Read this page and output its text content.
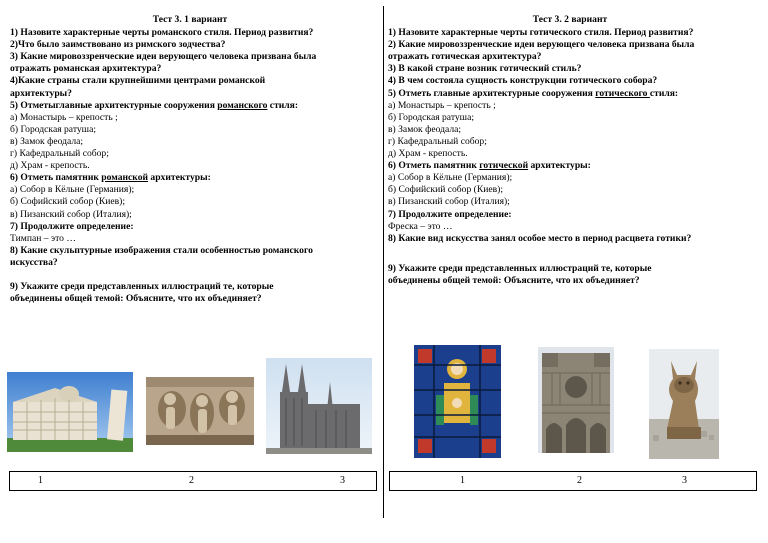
Тест 3. 1 вариант
1) Назовите характерные черты романского стиля. Период развития?
2)Что было заимствовано из римского зодчества?
3) Какие мировоззренческие идеи верующего человека призвана была
отражать романская архитектура?
4)Какие страны стали крупнейшими центрами романской
архитектуры?
5) Отметыглавные архитектурные сооружения романского стиля:
а) Монастырь – крепость ;
б) Городская ратуша;
в) Замок феодала;
г) Кафедральный собор;
д) Храм - крепость.
6) Отметь памятник романской архитектуры:
а) Собор в Кёльне (Германия);
б) Софийский собор (Киев);
в) Пизанский собор (Италия);
7) Продолжите определение:
Тимпан – это …
8) Какие скульптурные изображения стали особенностью романского
искусства?
9) Укажите среди представленных иллюстраций те, которые
объединены общей темой: Объясните, что их объединяет?
Тест 3. 2 вариант
1) Назовите характерные черты готического стиля. Период развития?
2) Какие мировоззренческие идеи верующего человека призвана была
отражать готическая архитектура?
3) В какой стране возник готический стиль?
4) В чем состояла сущность конструкции готического собора?
5) Отметь главные архитектурные сооружения готического стиля:
а) Монастырь – крепость ;
б) Городская ратуша;
в) Замок феодала;
г) Кафедральный собор;
д) Храм - крепость.
6) Отметь памятник готической архитектуры:
а) Собор в Кёльне (Германия);
б) Софийский собор (Киев);
в) Пизанский собор (Италия);
7) Продолжите определение:
Фреска – это …
8) Какие вид искусства занял особое место в период расцвета готики?
9) Укажите среди представленных иллюстраций те, которые
объединены общей темой: Объясните, что их объединяет?
1	2	3	1	2	3
